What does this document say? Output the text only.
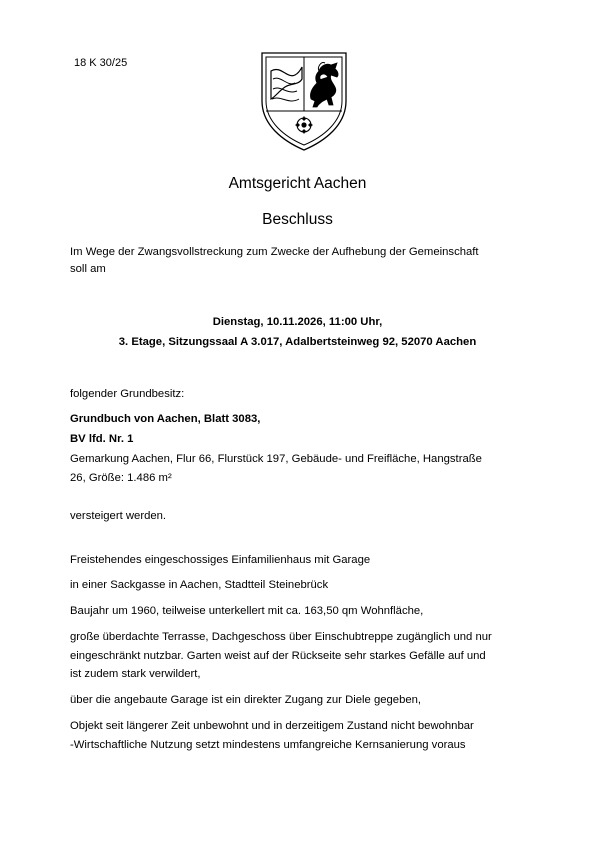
18 K 30/25
Amtsgericht Aachen
Beschluss
Im Wege der Zwangsvollstreckung zum Zwecke der Aufhebung der Gemeinschaft
soll am
Dienstag, 10.11.2026, 11:00 Uhr,
3. Etage, Sitzungssaal A 3.017, Adalbertsteinweg 92, 52070 Aachen
folgender Grundbesitz:
Grundbuch von Aachen, Blatt 3083,
BV lfd. Nr. 1
Gemarkung Aachen, Flur 66, Flurstück 197, Gebäude- und Freifläche, Hangstraße
26, Größe: 1.486 m²
versteigert werden.
Freistehendes eingeschossiges Einfamilienhaus mit Garage
in einer Sackgasse in Aachen, Stadtteil Steinebrück
Baujahr um 1960, teilweise unterkellert mit ca. 163,50 qm Wohnfläche,
große überdachte Terrasse, Dachgeschoss über Einschubtreppe zugänglich und nur
eingeschränkt nutzbar. Garten weist auf der Rückseite sehr starkes Gefälle auf und
ist zudem stark verwildert,
über die angebaute Garage ist ein direkter Zugang zur Diele gegeben,
Objekt seit längerer Zeit unbewohnt und in derzeitigem Zustand nicht bewohnbar
-Wirtschaftliche Nutzung setzt mindestens umfangreiche Kernsanierung voraus
